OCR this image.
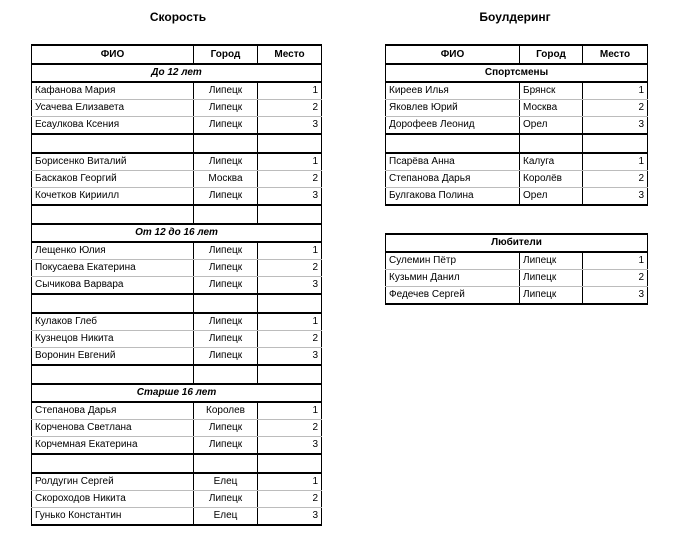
Скорость	Боулдеринг
ФИО	Город	Место
До 12 лет		
Кафанова Мария	Липецк	1
Усачева Елизавета	Липецк	2
Есаулкова Ксения	Липецк	3

Борисенко Виталий	Липецк	1
Баскаков Георгий	Москва	2
Кочетков Кириилл	Липецк	3

От 12 до 16 лет		
Лещенко Юлия	Липецк	1
Покусаева Екатерина	Липецк	2
Сычикова Варвара	Липецк	3

Кулаков Глеб	Липецк	1
Кузнецов Никита	Липецк	2
Воронин Евгений	Липецк	3

Старше 16 лет		
Степанова Дарья	Королев	1
Корченова Светлана	Липецк	2
Корчемная Екатерина	Липецк	3

Ролдугин Сергей	Елец	1
Скороходов Никита	Липецк	2
Гунько Константин	Елец	3
ФИО	Город	Место
Спортсмены		
Киреев Илья	Брянск	1
Яковлев Юрий	Москва	2
Дорофеев Леонид	Орел	3

Псарёва Анна	Калуга	1
Степанова Дарья	Королёв	2
Булгакова Полина	Орел	3
Любители		
Сулемин Пётр	Липецк	1
Кузьмин Данил	Липецк	2
Федечев Сергей	Липецк	3
